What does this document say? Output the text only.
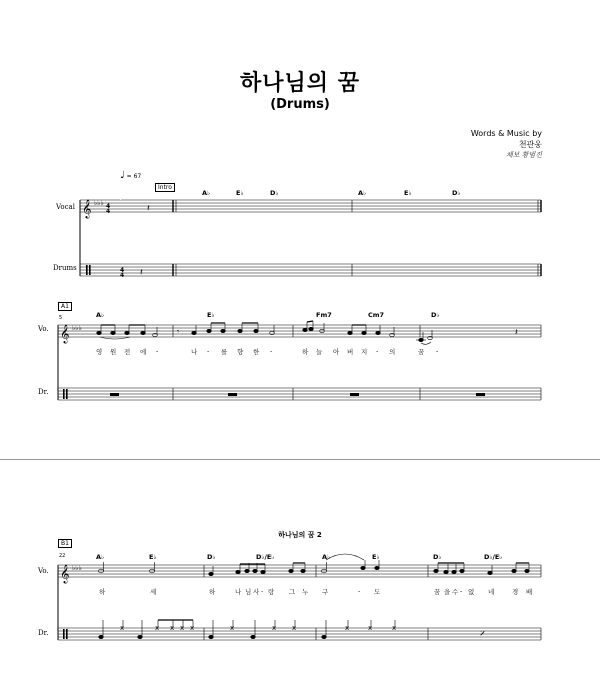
하나님의 꿈
(Drums)
Words & Music by
천관웅
채보 황범진
♩ = 67
Intro
A♭	E♭	D♭	A♭	E♭	D♭
Vocal
Drums
𝄞 ♭♭♭ 4
4	𝄽
4
4 𝄽
𝄞 ♭♭♭	𝄾	𝄽
A1
5
Vo.
Dr.
A♭	E♭	Fm7	Cm7	D♭
영 원 전 에 -	나 - 를 향 한 -	하 늘 아 버 지 - 의	꿈 -
하나님의 꿈 2
B1
22
Vo.
Dr.
A♭	E♭	D♭	D♭/E♭	A♭	E♭	D♭	D♭/E♭
𝄞 ♭♭♭
x	x x x x	x	x x	x	x	x
𝄎
하	세	하	나 님 사 - 랑 그 누 구	- 도	꿈 을 수 - 없 네	경 배
